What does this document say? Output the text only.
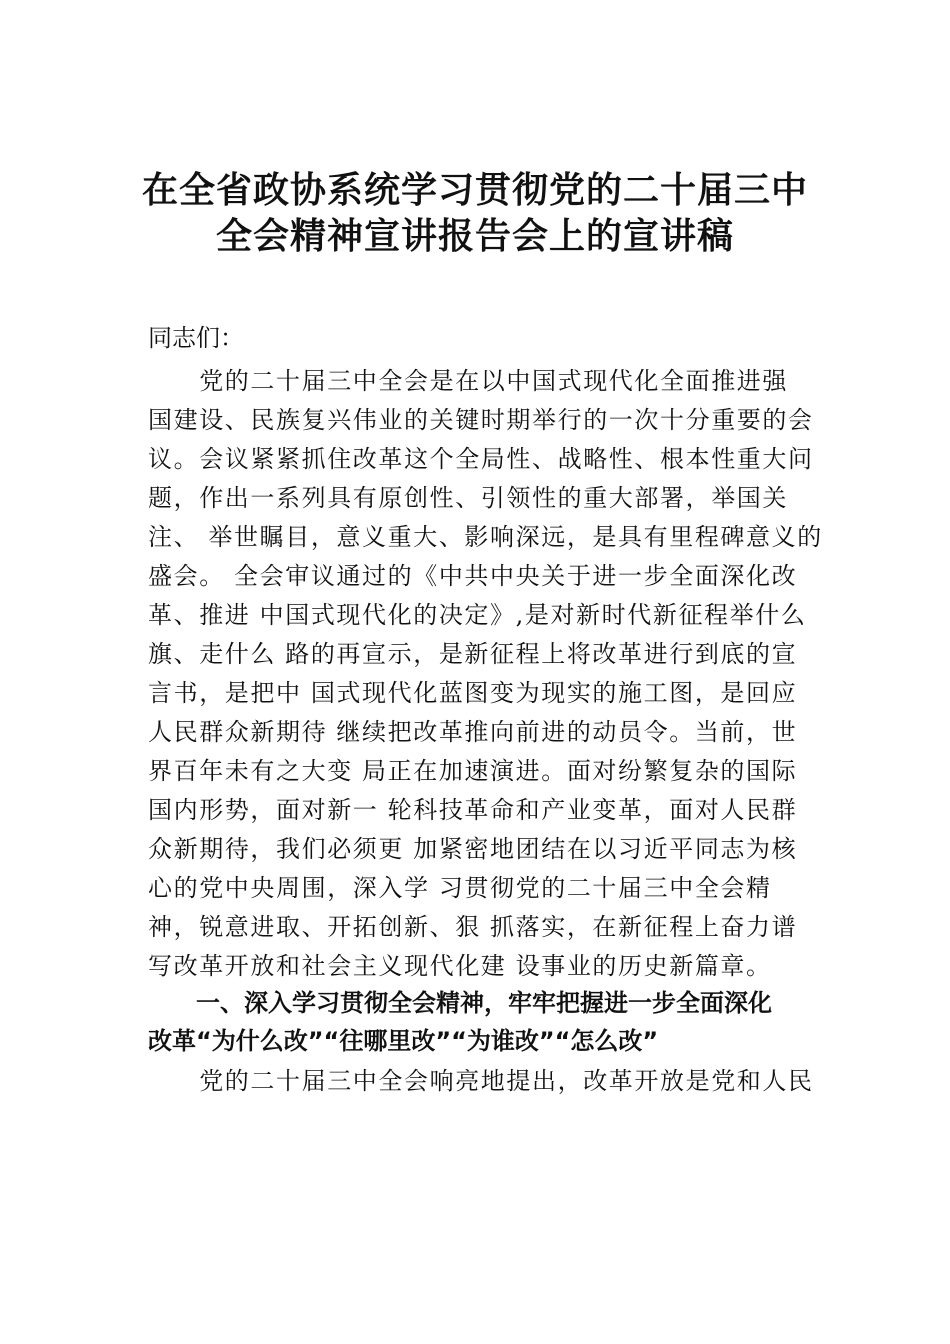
在全省政协系统学习贯彻党的二十届三中
全会精神宣讲报告会上的宣讲稿

同志们：

　　党的二十届三中全会是在以中国式现代化全面推进强
国建设、民族复兴伟业的关键时期举行的一次十分重要的会
议。会议紧紧抓住改革这个全局性、战略性、根本性重大问
题，作出一系列具有原创性、引领性的重大部署，举国关
注、 举世瞩目，意义重大、影响深远，是具有里程碑意义的
盛会。 全会审议通过的《中共中央关于进一步全面深化改
革、推进 中国式现代化的决定》,是对新时代新征程举什么
旗、走什么 路的再宣示，是新征程上将改革进行到底的宣
言书，是把中 国式现代化蓝图变为现实的施工图，是回应
人民群众新期待 继续把改革推向前进的动员令。当前，世
界百年未有之大变 局正在加速演进。面对纷繁复杂的国际
国内形势，面对新一 轮科技革命和产业变革，面对人民群
众新期待，我们必须更 加紧密地团结在以习近平同志为核
心的党中央周围，深入学 习贯彻党的二十届三中全会精
神，锐意进取、开拓创新、狠 抓落实，在新征程上奋力谱
写改革开放和社会主义现代化建 设事业的历史新篇章。
　　一、深入学习贯彻全会精神，牢牢把握进一步全面深化
改革“为什么改”“往哪里改”“为谁改”“怎么改”
　　党的二十届三中全会响亮地提出，改革开放是党和人民
